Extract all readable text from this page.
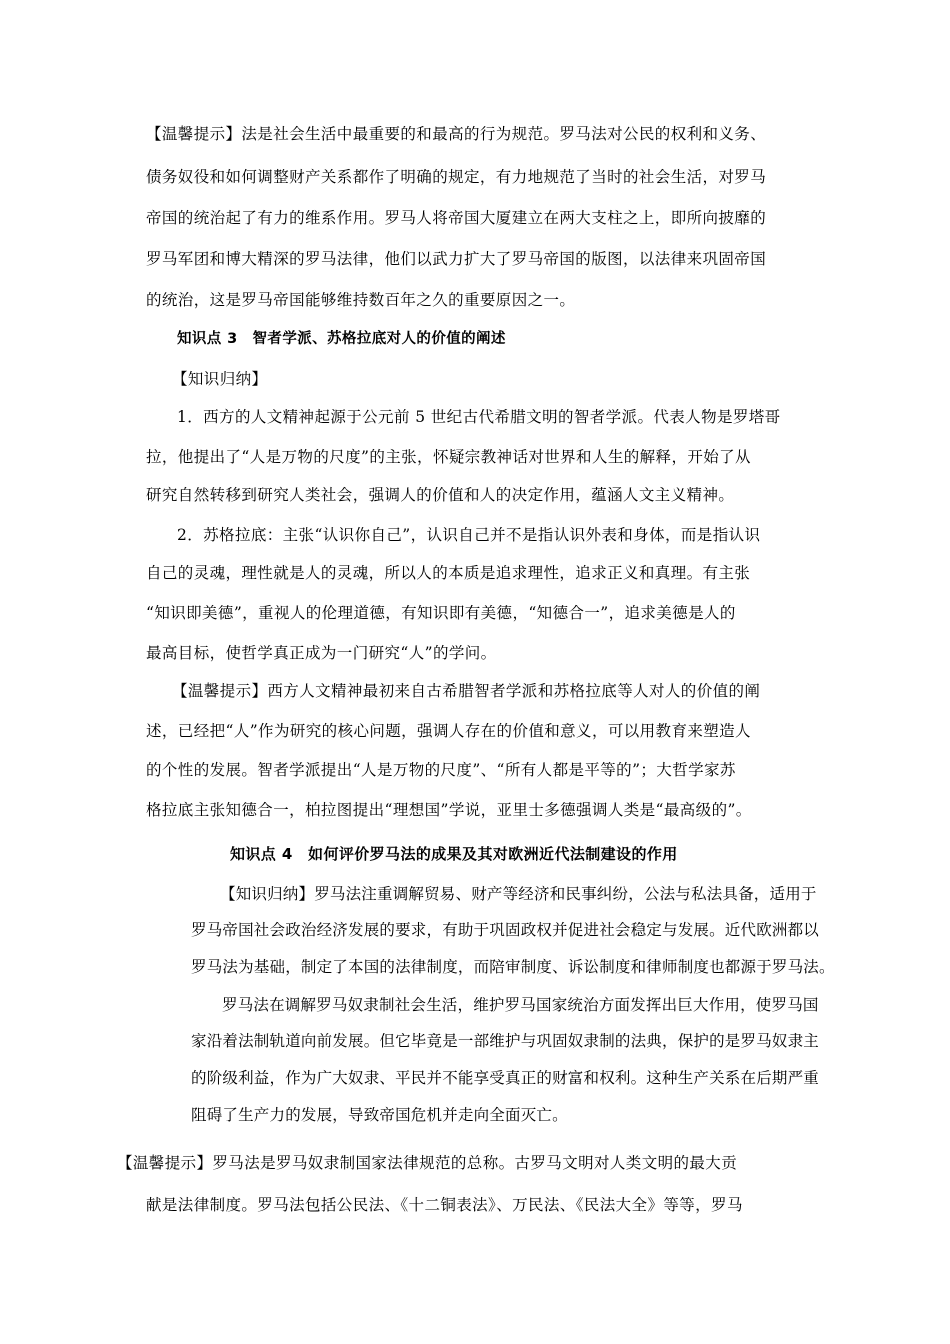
【温馨提示】法是社会生活中最重要的和最高的行为规范。罗马法对公民的权利和义务、
债务奴役和如何调整财产关系都作了明确的规定，有力地规范了当时的社会生活，对罗马
帝国的统治起了有力的维系作用。罗马人将帝国大厦建立在两大支柱之上，即所向披靡的
罗马军团和博大精深的罗马法律，他们以武力扩大了罗马帝国的版图，以法律来巩固帝国
的统治，这是罗马帝国能够维持数百年之久的重要原因之一。
知识点 3　智者学派、苏格拉底对人的价值的阐述
【知识归纳】
1．西方的人文精神起源于公元前 5 世纪古代希腊文明的智者学派。代表人物是罗塔哥
拉，他提出了“人是万物的尺度”的主张，怀疑宗教神话对世界和人生的解释，开始了从
研究自然转移到研究人类社会，强调人的价值和人的决定作用，蕴涵人文主义精神。
2．苏格拉底：主张“认识你自己”，认识自己并不是指认识外表和身体，而是指认识
自己的灵魂，理性就是人的灵魂，所以人的本质是追求理性，追求正义和真理。有主张
“知识即美德”，重视人的伦理道德，有知识即有美德，“知德合一”，追求美德是人的
最高目标，使哲学真正成为一门研究“人”的学问。
【温馨提示】西方人文精神最初来自古希腊智者学派和苏格拉底等人对人的价值的阐
述，已经把“人”作为研究的核心问题，强调人存在的价值和意义，可以用教育来塑造人
的个性的发展。智者学派提出“人是万物的尺度”、“所有人都是平等的”；大哲学家苏
格拉底主张知德合一，柏拉图提出“理想国”学说，亚里士多德强调人类是“最高级的”。
知识点 4　如何评价罗马法的成果及其对欧洲近代法制建设的作用
【知识归纳】罗马法注重调解贸易、财产等经济和民事纠纷，公法与私法具备，适用于
罗马帝国社会政治经济发展的要求，有助于巩固政权并促进社会稳定与发展。近代欧洲都以
罗马法为基础，制定了本国的法律制度，而陪审制度、诉讼制度和律师制度也都源于罗马法。
罗马法在调解罗马奴隶制社会生活，维护罗马国家统治方面发挥出巨大作用，使罗马国
家沿着法制轨道向前发展。但它毕竟是一部维护与巩固奴隶制的法典，保护的是罗马奴隶主
的阶级利益，作为广大奴隶、平民并不能享受真正的财富和权利。这种生产关系在后期严重
阻碍了生产力的发展，导致帝国危机并走向全面灭亡。
【温馨提示】罗马法是罗马奴隶制国家法律规范的总称。古罗马文明对人类文明的最大贡
献是法律制度。罗马法包括公民法、《十二铜表法》、万民法、《民法大全》等等，罗马
